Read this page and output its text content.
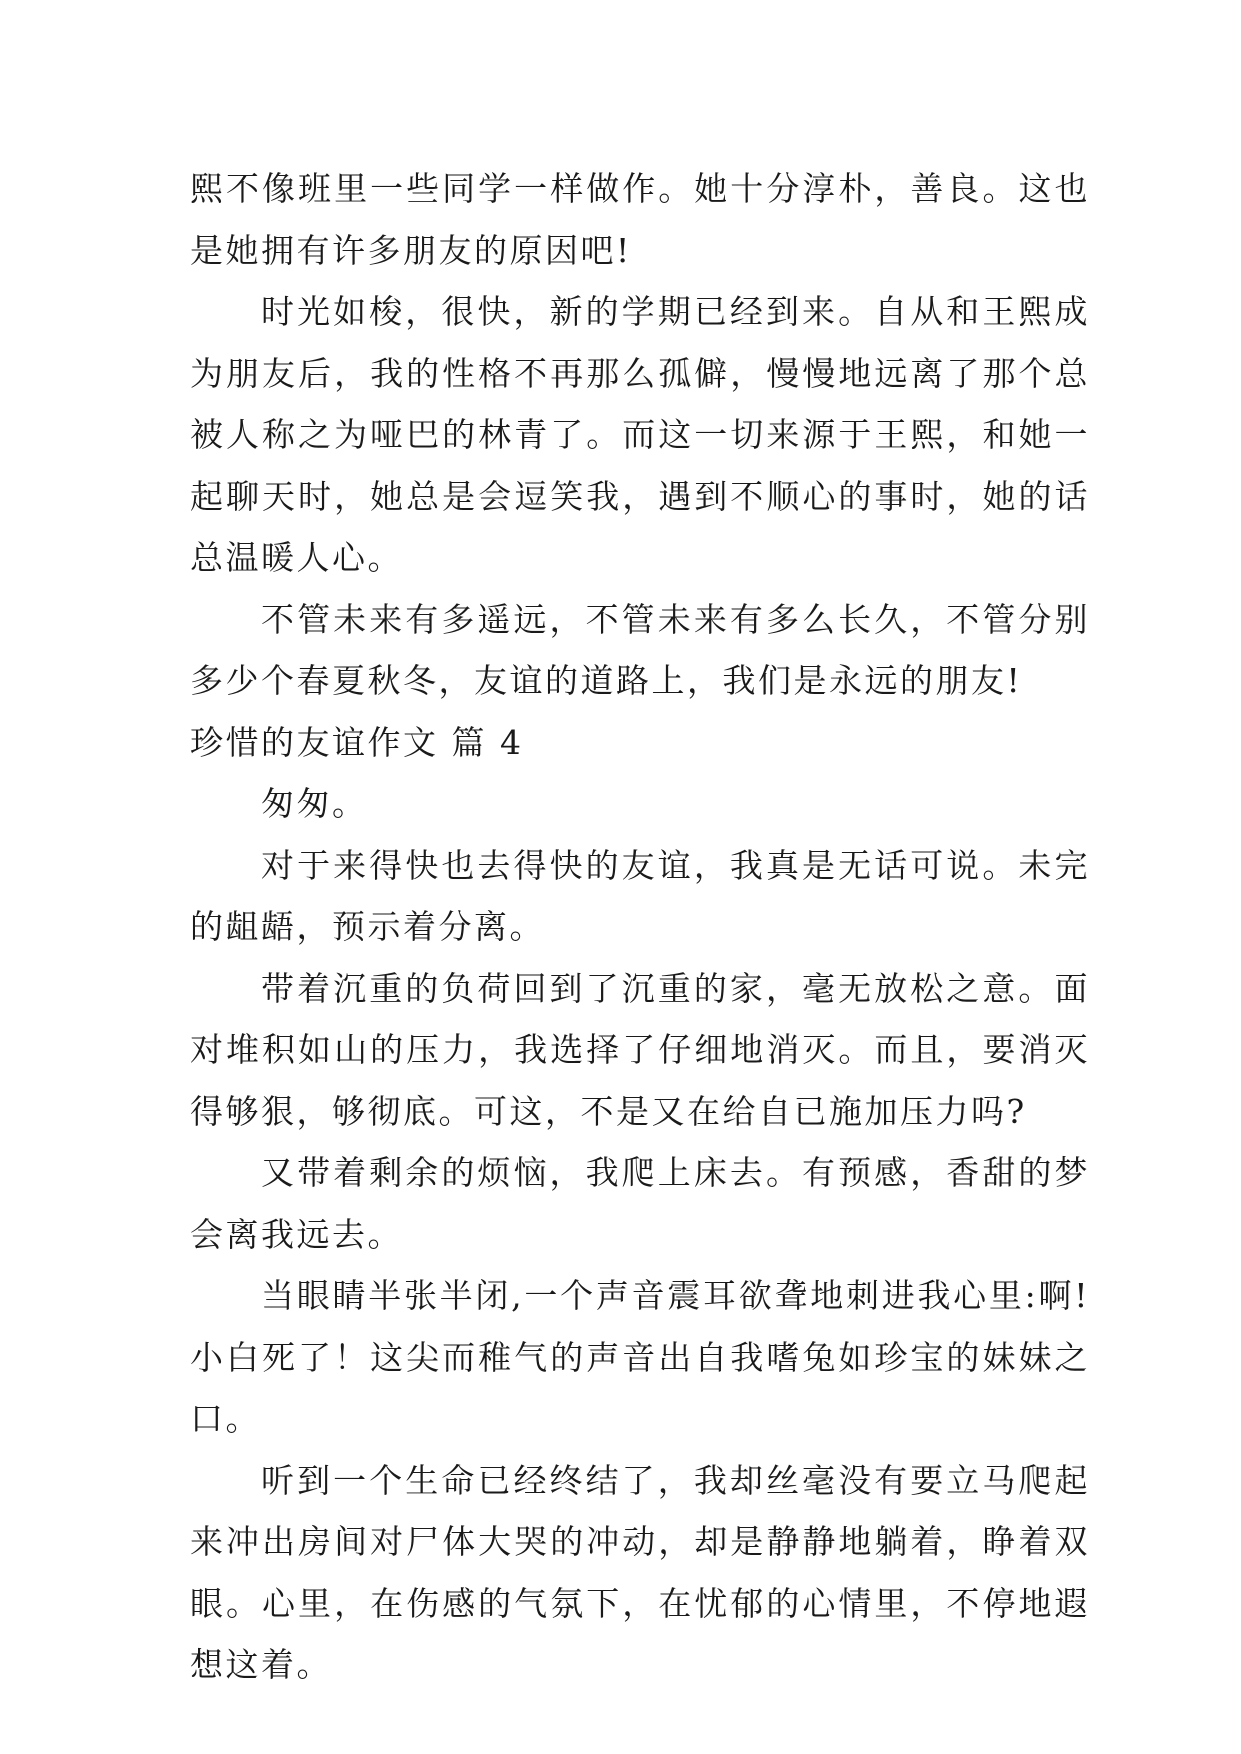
熙不像班里一些同学一样做作。她十分淳朴，善良。这也是她拥有许多朋友的原因吧!

时光如梭，很快，新的学期已经到来。自从和王熙成为朋友后，我的性格不再那么孤僻，慢慢地远离了那个总被人称之为哑巴的林青了。而这一切来源于王熙，和她一起聊天时，她总是会逗笑我，遇到不顺心的事时，她的话总温暖人心。

不管未来有多遥远，不管未来有多么长久，不管分别多少个春夏秋冬，友谊的道路上，我们是永远的朋友!

珍惜的友谊作文 篇 4

匆匆。

对于来得快也去得快的友谊，我真是无话可说。未完的龃龉，预示着分离。

带着沉重的负荷回到了沉重的家，毫无放松之意。面对堆积如山的压力，我选择了仔细地消灭。而且，要消灭得够狠，够彻底。可这，不是又在给自已施加压力吗?

又带着剩余的烦恼，我爬上床去。有预感，香甜的梦会离我远去。

当眼睛半张半闭,一个声音震耳欲聋地刺进我心里:啊!小白死了！这尖而稚气的声音出自我嗜兔如珍宝的妹妹之口。

听到一个生命已经终结了，我却丝毫没有要立马爬起来冲出房间对尸体大哭的冲动，却是静静地躺着，睁着双眼。心里，在伤感的气氛下，在忧郁的心情里，不停地遐想这着。
